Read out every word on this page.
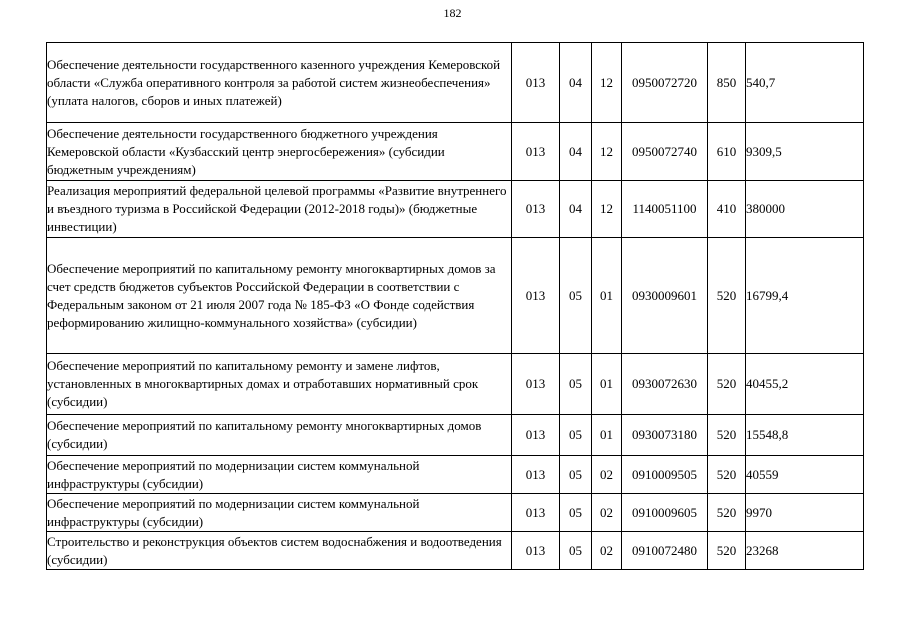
182
Обеспечение деятельности государственного казенного учреждения Кемеровской области «Служба оперативного контроля за работой систем жизнеобеспечения» (уплата налогов, сборов и иных платежей)	013	04	12	0950072720	850	540,7
Обеспечение деятельности государственного бюджетного учреждения Кемеровской области «Кузбасский центр энергосбережения» (субсидии бюджетным учреждениям)	013	04	12	0950072740	610	9309,5
Реализация мероприятий федеральной целевой программы «Развитие внутреннего и въездного туризма в Российской Федерации (2012-2018 годы)» (бюджетные инвестиции)	013	04	12	1140051100	410	380000
Обеспечение мероприятий по капитальному ремонту многоквартирных домов за счет средств бюджетов субъектов Российской Федерации в соответствии с Федеральным законом от 21 июля 2007 года № 185-ФЗ «О Фонде содействия реформированию жилищно-коммунального хозяйства» (субсидии)	013	05	01	0930009601	520	16799,4
Обеспечение мероприятий по капитальному ремонту и замене лифтов, установленных в многоквартирных домах и отработавших нормативный срок (субсидии)	013	05	01	0930072630	520	40455,2
Обеспечение мероприятий по капитальному ремонту многоквартирных домов (субсидии)	013	05	01	0930073180	520	15548,8
Обеспечение мероприятий по модернизации систем коммунальной инфраструктуры (субсидии)	013	05	02	0910009505	520	40559
Обеспечение мероприятий по модернизации систем коммунальной инфраструктуры (субсидии)	013	05	02	0910009605	520	9970
Строительство и реконструкция объектов систем водоснабжения и водоотведения (субсидии)	013	05	02	0910072480	520	23268
